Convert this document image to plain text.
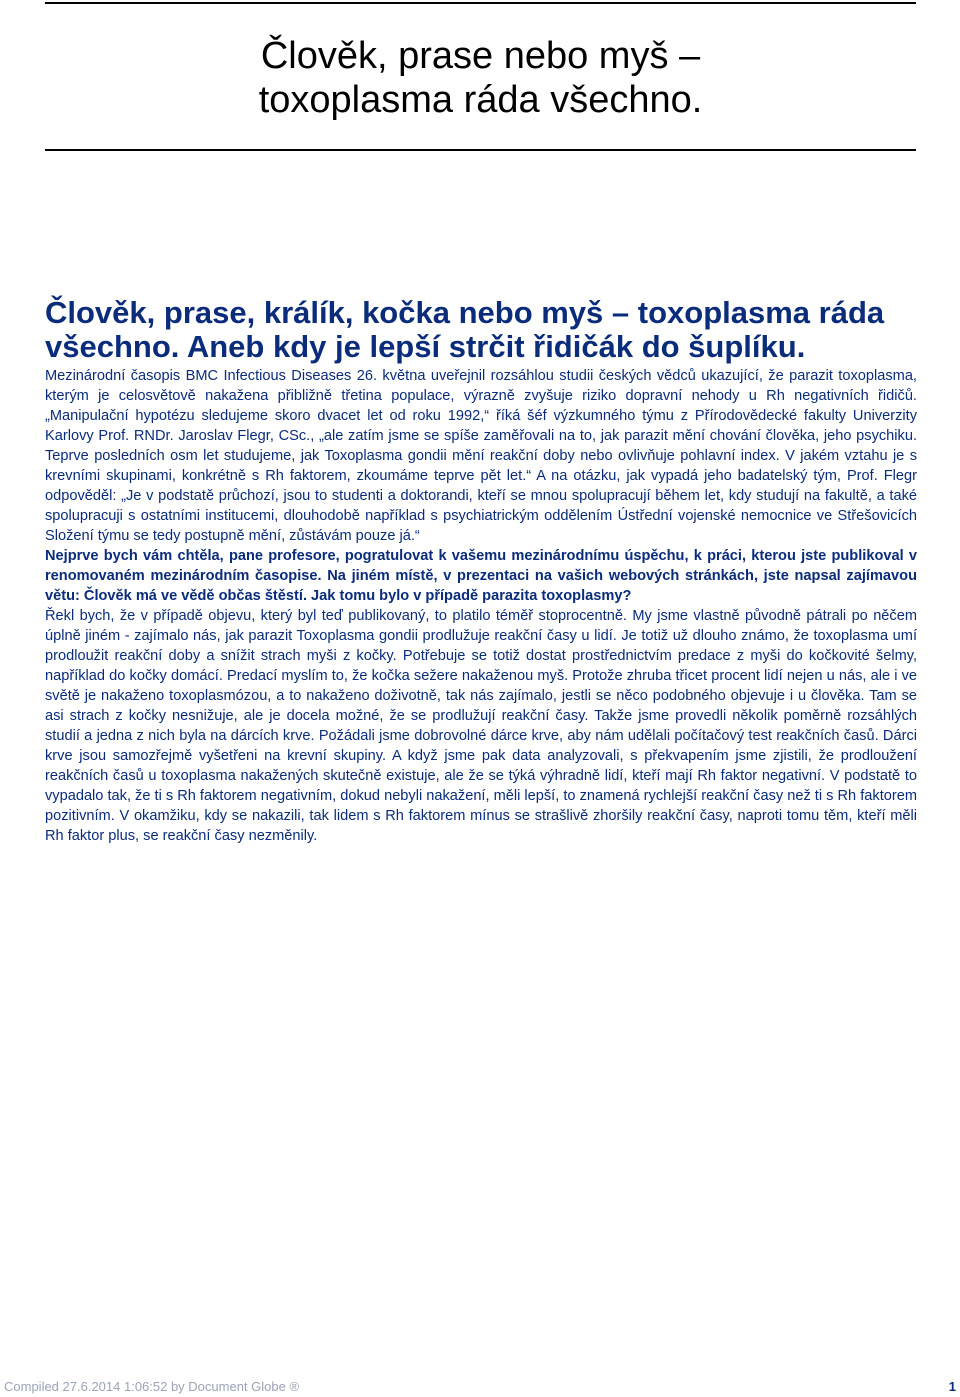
Člověk, prase nebo myš –
toxoplasma ráda všechno.
Člověk, prase, králík, kočka nebo myš – toxoplasma ráda všechno. Aneb kdy je lepší strčit řidičák do šuplíku.

Mezinárodní časopis BMC Infectious Diseases 26. května uveřejnil rozsáhlou studii českých vědců ukazující, že parazit toxoplasma, kterým je celosvětově nakažena přibližně třetina populace, výrazně zvyšuje riziko dopravní nehody u Rh negativních řidičů. „Manipulační hypotézu sledujeme skoro dvacet let od roku 1992,“ říká šéf výzkumného týmu z Přírodovědecké fakulty Univerzity Karlovy Prof. RNDr. Jaroslav Flegr, CSc., „ale zatím jsme se spíše zaměřovali na to, jak parazit mění chování člověka, jeho psychiku. Teprve posledních osm let studujeme, jak Toxoplasma gondii mění reakční doby nebo ovlivňuje pohlavní index. V jakém vztahu je s krevními skupinami, konkrétně s Rh faktorem, zkoumáme teprve pět let.“ A na otázku, jak vypadá jeho badatelský tým, Prof. Flegr odpověděl: „Je v podstatě průchozí, jsou to studenti a doktorandi, kteří se mnou spolupracují během let, kdy studují na fakultě, a také spolupracuji s ostatními institucemi, dlouhodobě například s psychiatrickým oddělením Ústřední vojenské nemocnice ve Střešovicích Složení týmu se tedy postupně mění, zůstávám pouze já.“

Nejprve bych vám chtěla, pane profesore, pogratulovat k vašemu mezinárodnímu úspěchu, k práci, kterou jste publikoval v renomovaném mezinárodním časopise. Na jiném místě, v prezentaci na vašich webových stránkách, jste napsal zajímavou větu: Člověk má ve vědě občas štěstí. Jak tomu bylo v případě parazita toxoplasmy?

Řekl bych, že v případě objevu, který byl teď publikovaný, to platilo téměř stoprocentně. My jsme vlastně původně pátrali po něčem úplně jiném - zajímalo nás, jak parazit Toxoplasma gondii prodlužuje reakční časy u lidí. Je totiž už dlouho známo, že toxoplasma umí prodloužit reakční doby a snížit strach myši z kočky. Potřebuje se totiž dostat prostřednictvím predace z myši do kočkovité šelmy, například do kočky domácí. Predací myslím to, že kočka sežere nakaženou myš. Protože zhruba třicet procent lidí nejen u nás, ale i ve světě je nakaženo toxoplasmózou, a to nakaženo doživotně, tak nás zajímalo, jestli se něco podobného objevuje i u člověka. Tam se asi strach z kočky nesnižuje, ale je docela možné, že se prodlužují reakční časy. Takže jsme provedli několik poměrně rozsáhlých studií a jedna z nich byla na dárcích krve. Požádali jsme dobrovolné dárce krve, aby nám udělali počítačový test reakčních časů. Dárci krve jsou samozřejmě vyšetřeni na krevní skupiny. A když jsme pak data analyzovali, s překvapením jsme zjistili, že prodloužení reakčních časů u toxoplasma nakažených skutečně existuje, ale že se týká výhradně lidí, kteří mají Rh faktor negativní. V podstatě to vypadalo tak, že ti s Rh faktorem negativním, dokud nebyli nakažení, měli lepší, to znamená rychlejší reakční časy než ti s Rh faktorem pozitivním. V okamžiku, kdy se nakazili, tak lidem s Rh faktorem mínus se strašlivě zhoršily reakční časy, naproti tomu těm, kteří měli Rh faktor plus, se reakční časy nezměnily.

Compiled 27.6.2014 1:06:52 by Document Globe ®	1
